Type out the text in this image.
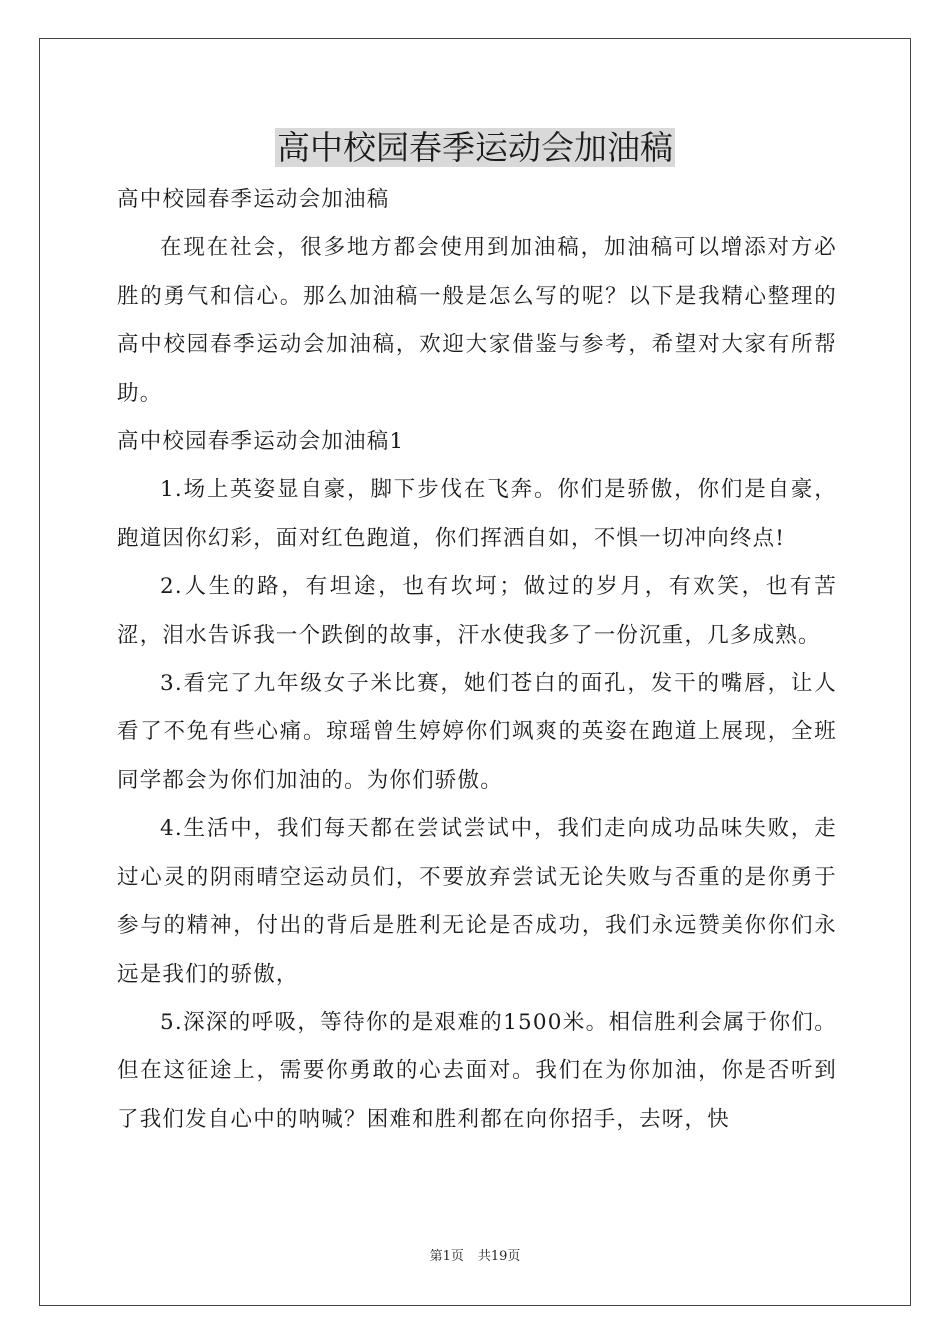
高中校园春季运动会加油稿

高中校园春季运动会加油稿

在现在社会，很多地方都会使用到加油稿，加油稿可以增添对方必胜的勇气和信心。那么加油稿一般是怎么写的呢？以下是我精心整理的高中校园春季运动会加油稿，欢迎大家借鉴与参考，希望对大家有所帮助。

高中校园春季运动会加油稿1

1.场上英姿显自豪，脚下步伐在飞奔。你们是骄傲，你们是自豪，跑道因你幻彩，面对红色跑道，你们挥洒自如，不惧一切冲向终点!

2.人生的路，有坦途，也有坎坷；做过的岁月，有欢笑，也有苦涩，泪水告诉我一个跌倒的故事，汗水使我多了一份沉重，几多成熟。

3.看完了九年级女子米比赛，她们苍白的面孔，发干的嘴唇，让人看了不免有些心痛。琼瑶曾生婷婷你们飒爽的英姿在跑道上展现，全班同学都会为你们加油的。为你们骄傲。

4.生活中，我们每天都在尝试尝试中，我们走向成功品味失败，走过心灵的阴雨晴空运动员们，不要放弃尝试无论失败与否重的是你勇于参与的精神，付出的背后是胜利无论是否成功，我们永远赞美你你们永远是我们的骄傲，

5.深深的呼吸，等待你的是艰难的1500米。相信胜利会属于你们。但在这征途上，需要你勇敢的心去面对。我们在为你加油，你是否听到了我们发自心中的呐喊？困难和胜利都在向你招手，去呀，快

第1页 共19页
